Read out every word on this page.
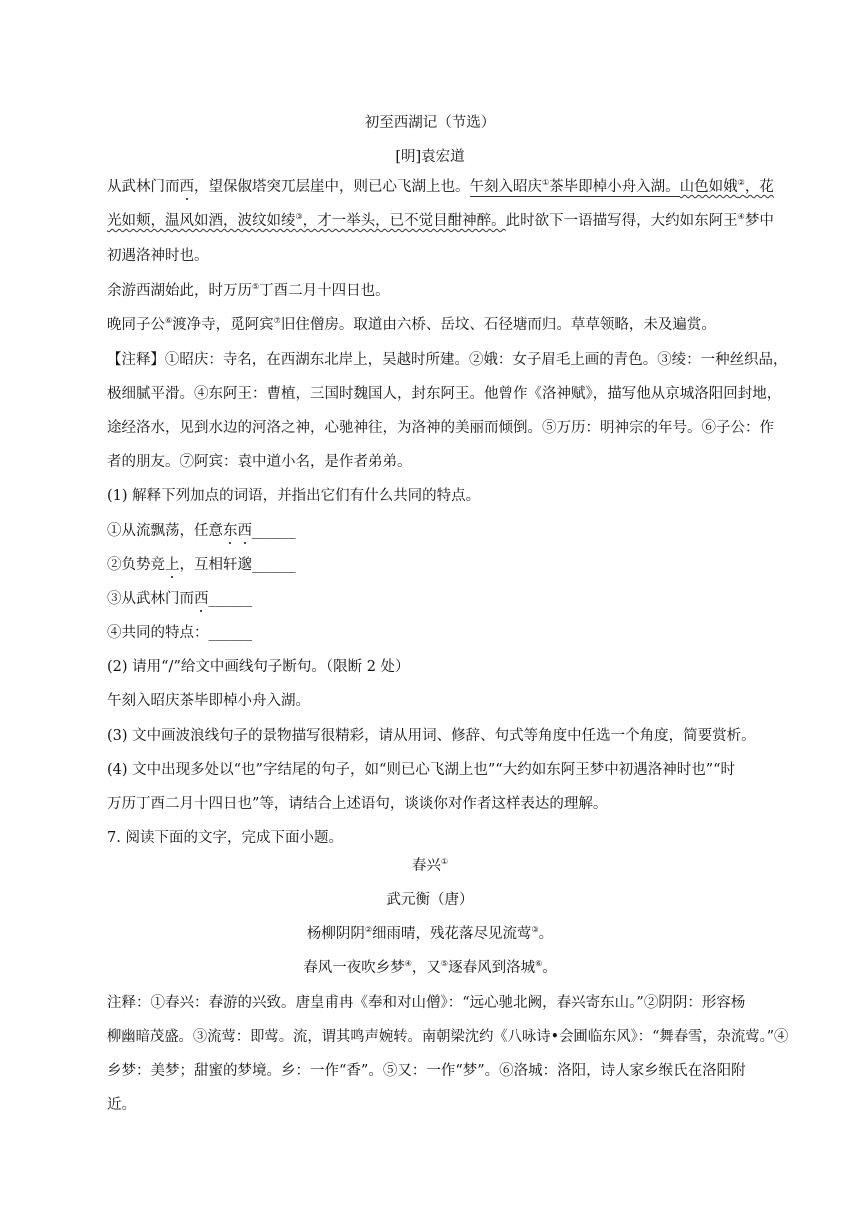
初至西湖记（节选）
[明]袁宏道
从武林门而西，望保俶塔突兀层崖中，则已心飞湖上也。午刻入昭庆①茶毕即棹小舟入湖。山色如娥②，花
光如颊，温风如酒，波纹如绫③，才一举头，已不觉目酣神醉。此时欲下一语描写得，大约如东阿王④梦中
初遇洛神时也。
余游西湖始此，时万历⑤丁酉二月十四日也。
晚同子公⑥渡净寺，觅阿宾⑦旧住僧房。取道由六桥、岳坟、石径塘而归。草草领略，未及遍赏。
【注释】①昭庆：寺名，在西湖东北岸上，吴越时所建。②娥：女子眉毛上画的青色。③绫：一种丝织品，
极细腻平滑。④东阿王：曹植，三国时魏国人，封东阿王。他曾作《洛神赋》，描写他从京城洛阳回封地，
途经洛水，见到水边的河洛之神，心驰神往，为洛神的美丽而倾倒。⑤万历：明神宗的年号。⑥子公：作
者的朋友。⑦阿宾：袁中道小名，是作者弟弟。
(1) 解释下列加点的词语，并指出它们有什么共同的特点。
①从流飘荡，任意东西______
②负势竞上，互相轩邈______
③从武林门而西______
④共同的特点：______
(2) 请用“/”给文中画线句子断句。（限断 2 处）
午刻入昭庆茶毕即棹小舟入湖。
(3) 文中画波浪线句子的景物描写很精彩，请从用词、修辞、句式等角度中任选一个角度，简要赏析。
(4) 文中出现多处以“也”字结尾的句子，如“则已心飞湖上也”“大约如东阿王梦中初遇洛神时也”“时
万历丁酉二月十四日也”等，请结合上述语句，谈谈你对作者这样表达的理解。
7. 阅读下面的文字，完成下面小题。
春兴①
武元衡（唐）
杨柳阴阴②细雨晴，残花落尽见流莺③。
春风一夜吹乡梦④，又⑤逐春风到洛城⑥。
注释：①春兴：春游的兴致。唐皇甫冉《奉和对山僧》：“远心驰北阙，春兴寄东山。”②阴阴：形容杨
柳幽暗茂盛。③流莺：即莺。流，谓其鸣声婉转。南朝梁沈约《八咏诗•会圃临东风》：“舞春雪，杂流莺。”④
乡梦：美梦；甜蜜的梦境。乡：一作“香”。⑤又：一作“梦”。⑥洛城：洛阳，诗人家乡缑氏在洛阳附
近。
